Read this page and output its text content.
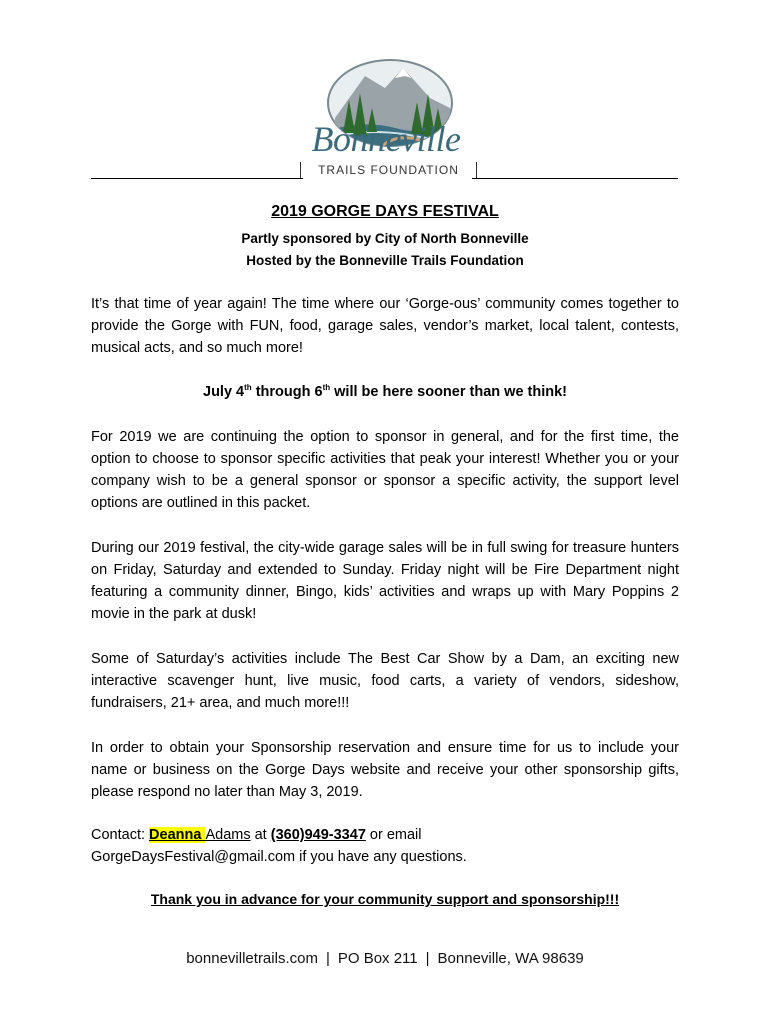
Bonneville
TRAILS FOUNDATION
2019 GORGE DAYS FESTIVAL
Partly sponsored by City of North Bonneville
Hosted by the Bonneville Trails Foundation
It’s that time of year again! The time where our ‘Gorge-ous’ community comes together to provide the Gorge with FUN, food, garage sales, vendor’s market, local talent, contests, musical acts, and so much more!
July 4th through 6th will be here sooner than we think!
For 2019 we are continuing the option to sponsor in general, and for the first time, the option to choose to sponsor specific activities that peak your interest! Whether you or your company wish to be a general sponsor or sponsor a specific activity, the support level options are outlined in this packet.
During our 2019 festival, the city-wide garage sales will be in full swing for treasure hunters on Friday, Saturday and extended to Sunday. Friday night will be Fire Department night featuring a community dinner, Bingo, kids’ activities and wraps up with Mary Poppins 2 movie in the park at dusk!
Some of Saturday’s activities include The Best Car Show by a Dam, an exciting new interactive scavenger hunt, live music, food carts, a variety of vendors, sideshow, fundraisers, 21+ area, and much more!!!
In order to obtain your Sponsorship reservation and ensure time for us to include your name or business on the Gorge Days website and receive your other sponsorship gifts, please respond no later than May 3, 2019.
Contact: Deanna Adams at (360)949-3347 or email
GorgeDaysFestival@gmail.com if you have any questions.
Thank you in advance for your community support and sponsorship!!!
bonnevilletrails.com | PO Box 211 | Bonneville, WA 98639
